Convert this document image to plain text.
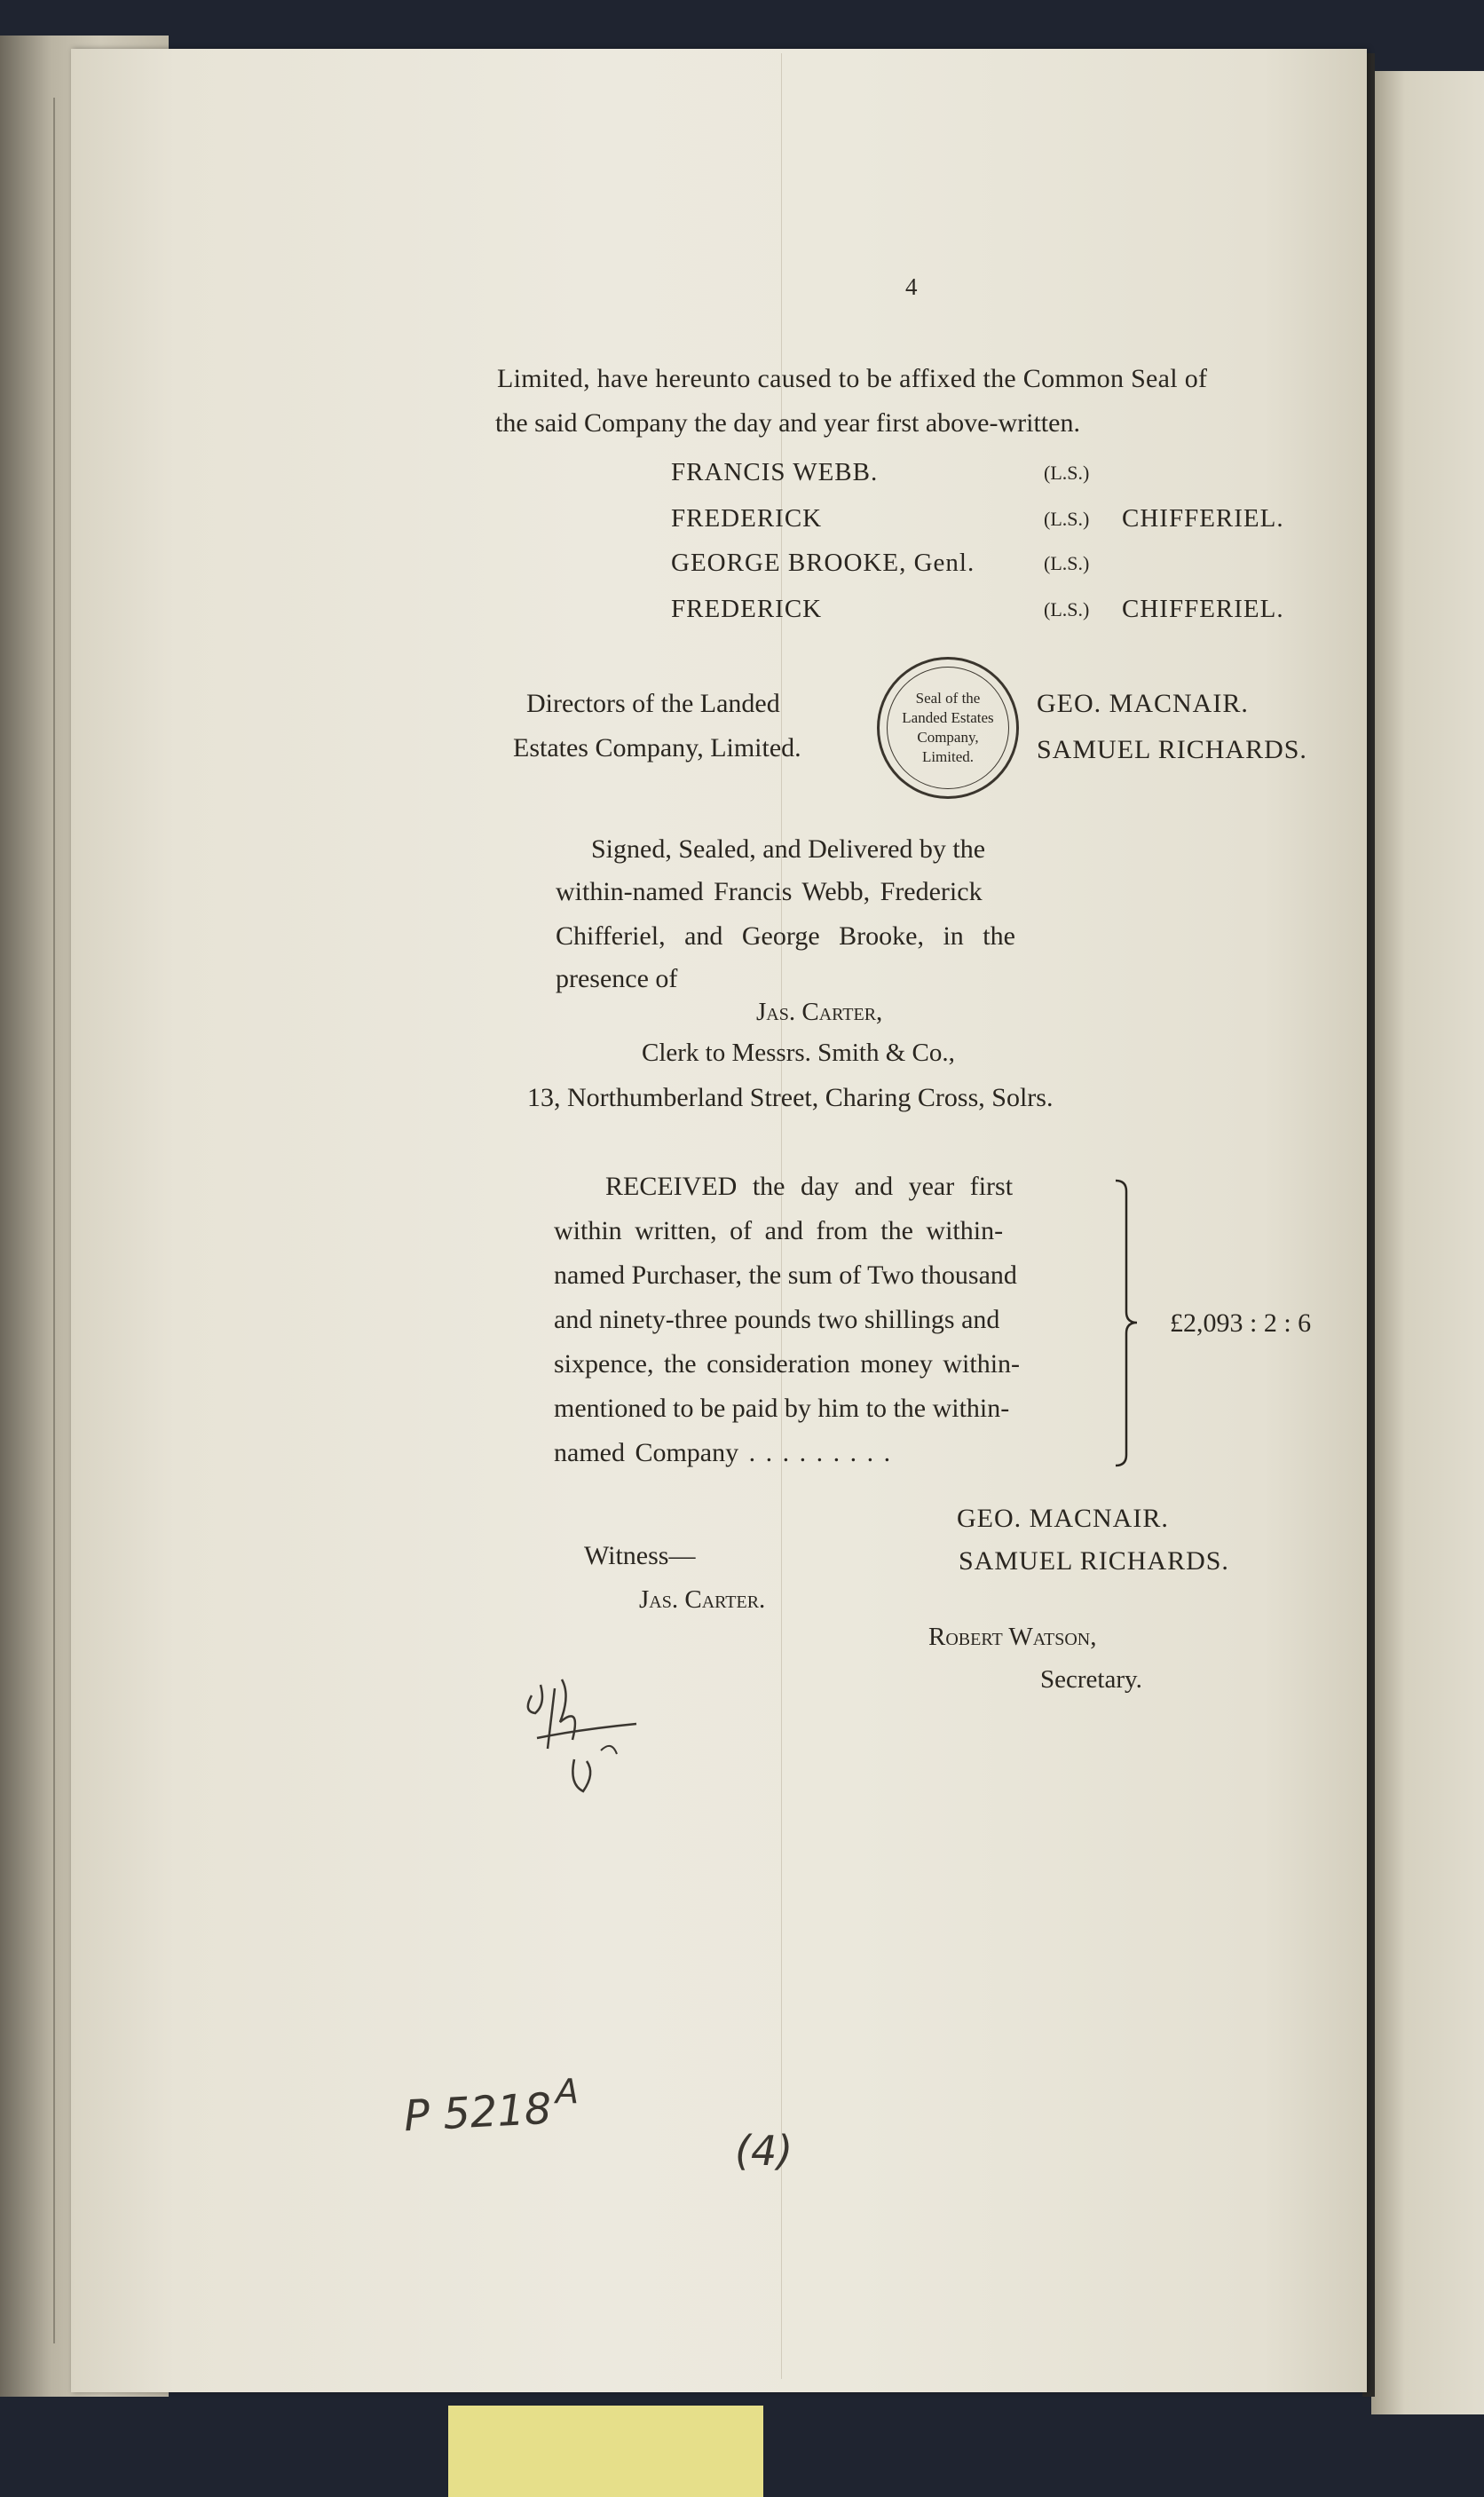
4
Limited, have hereunto caused to be affixed the Common Seal of
the said Company the day and year first above-written.
FRANCIS WEBB.	(L.S.)
FREDERICK	(L.S.) CHIFFERIEL.
GEORGE BROOKE, Genl.	(L.S.)
FREDERICK	(L.S.) CHIFFERIEL.
Directors of the Landed
Estates Company, Limited.
Seal of the
Landed Estates
Company,
Limited.
GEO. MACNAIR.
SAMUEL RICHARDS.
Signed, Sealed, and Delivered by the
within-named Francis Webb, Frederick
Chifferiel, and George Brooke, in the
presence of
Jas. Carter,
Clerk to Messrs. Smith & Co.,
13, Northumberland Street, Charing Cross, Solrs.
RECEIVED the day and year first
within written, of and from the within-
named Purchaser, the sum of Two thousand
and ninety-three pounds two shillings and
sixpence, the consideration money within-
mentioned to be paid by him to the within-
named Company . . . . . . . . .
£2,093 : 2 : 6
GEO. MACNAIR.
SAMUEL RICHARDS.
Witness—
Jas. Carter.
Robert Watson,
Secretary.
P 5218 A
(4)
